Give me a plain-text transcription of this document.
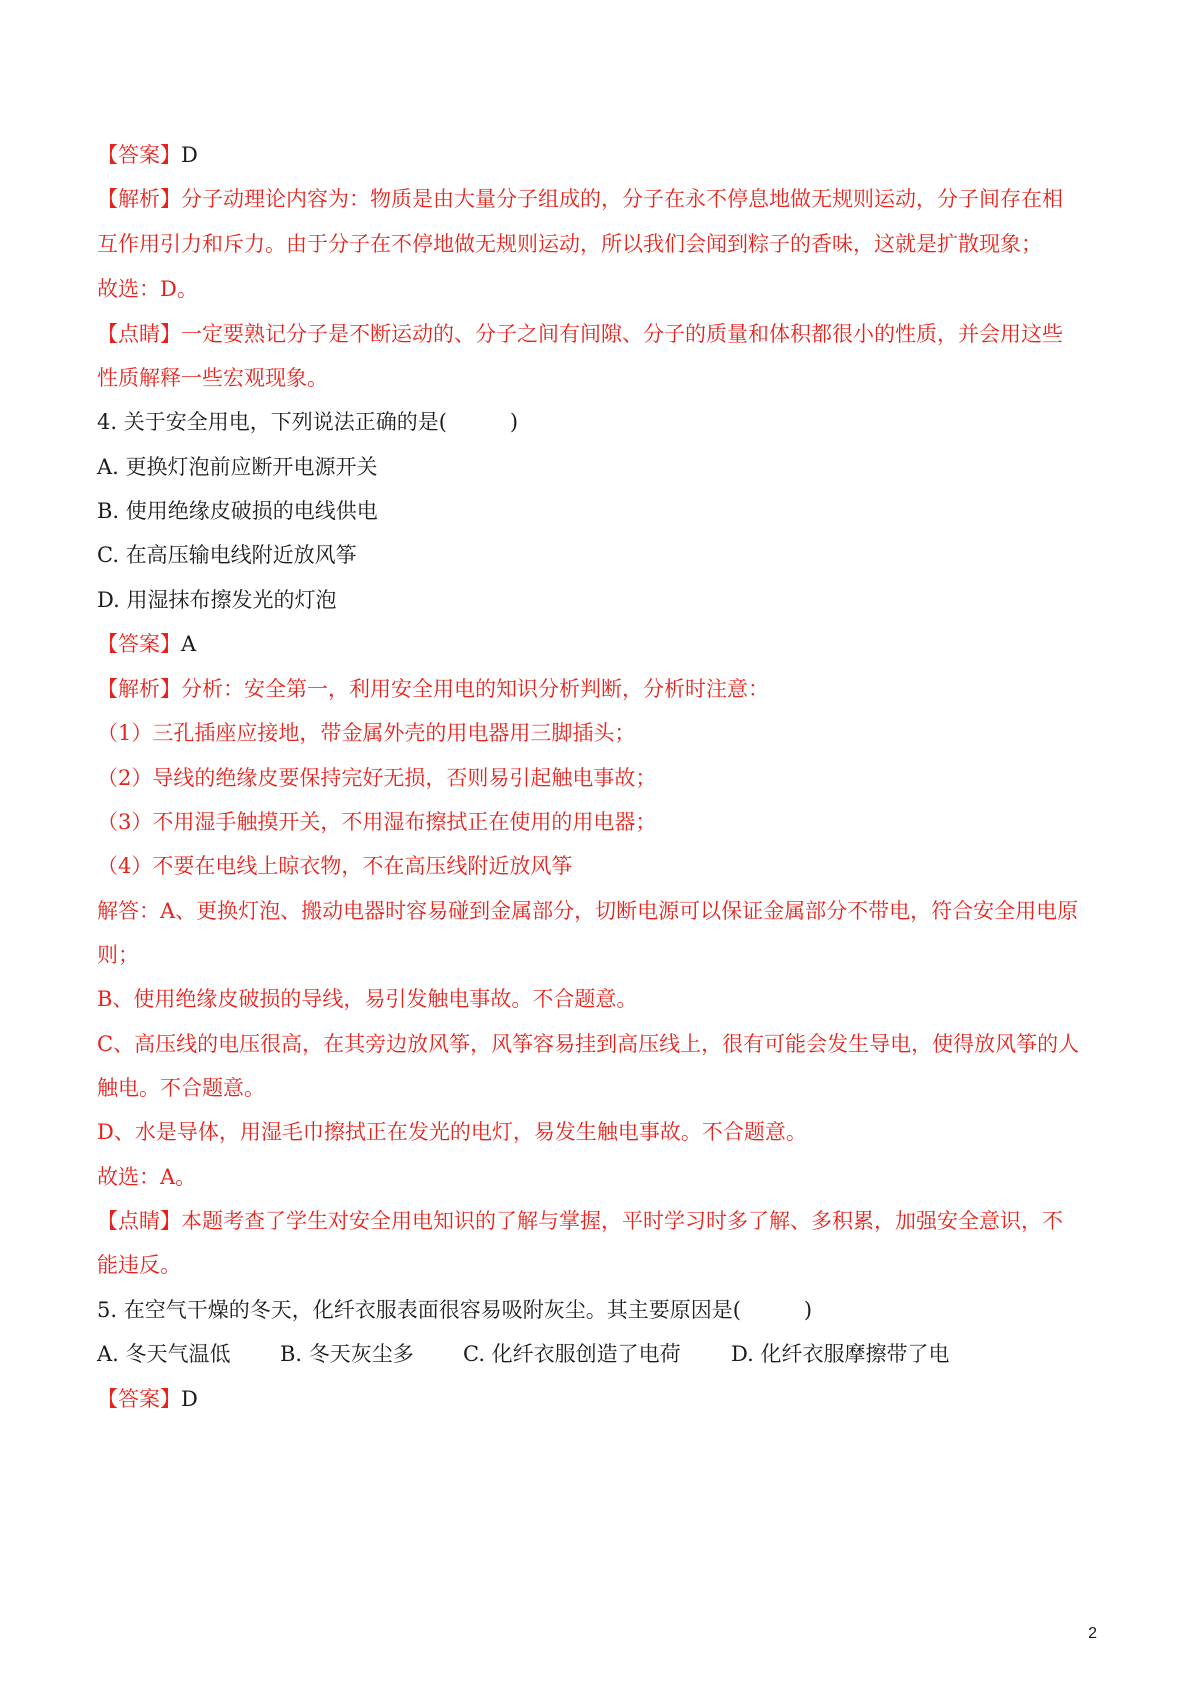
【答案】D
【解析】分子动理论内容为：物质是由大量分子组成的，分子在永不停息地做无规则运动，分子间存在相
互作用引力和斥力。由于分子在不停地做无规则运动，所以我们会闻到粽子的香味，这就是扩散现象；
故选：D。
【点睛】一定要熟记分子是不断运动的、分子之间有间隙、分子的质量和体积都很小的性质，并会用这些
性质解释一些宏观现象。
4. 关于安全用电，下列说法正确的是(　　　)
A. 更换灯泡前应断开电源开关
B. 使用绝缘皮破损的电线供电
C. 在高压输电线附近放风筝
D. 用湿抹布擦发光的灯泡
【答案】A
【解析】分析：安全第一，利用安全用电的知识分析判断，分析时注意：
（1）三孔插座应接地，带金属外壳的用电器用三脚插头；
（2）导线的绝缘皮要保持完好无损，否则易引起触电事故；
（3）不用湿手触摸开关，不用湿布擦拭正在使用的用电器；
（4）不要在电线上晾衣物，不在高压线附近放风筝
解答：A、更换灯泡、搬动电器时容易碰到金属部分，切断电源可以保证金属部分不带电，符合安全用电原
则；
B、使用绝缘皮破损的导线，易引发触电事故。不合题意。
C、高压线的电压很高，在其旁边放风筝，风筝容易挂到高压线上，很有可能会发生导电，使得放风筝的人
触电。不合题意。
D、水是导体，用湿毛巾擦拭正在发光的电灯，易发生触电事故。不合题意。
故选：A。
【点睛】本题考查了学生对安全用电知识的了解与掌握，平时学习时多了解、多积累，加强安全意识，不
能违反。
5. 在空气干燥的冬天，化纤衣服表面很容易吸附灰尘。其主要原因是(　　　)
A. 冬天气温低 B. 冬天灰尘多 C. 化纤衣服创造了电荷 D. 化纤衣服摩擦带了电
【答案】D
2
